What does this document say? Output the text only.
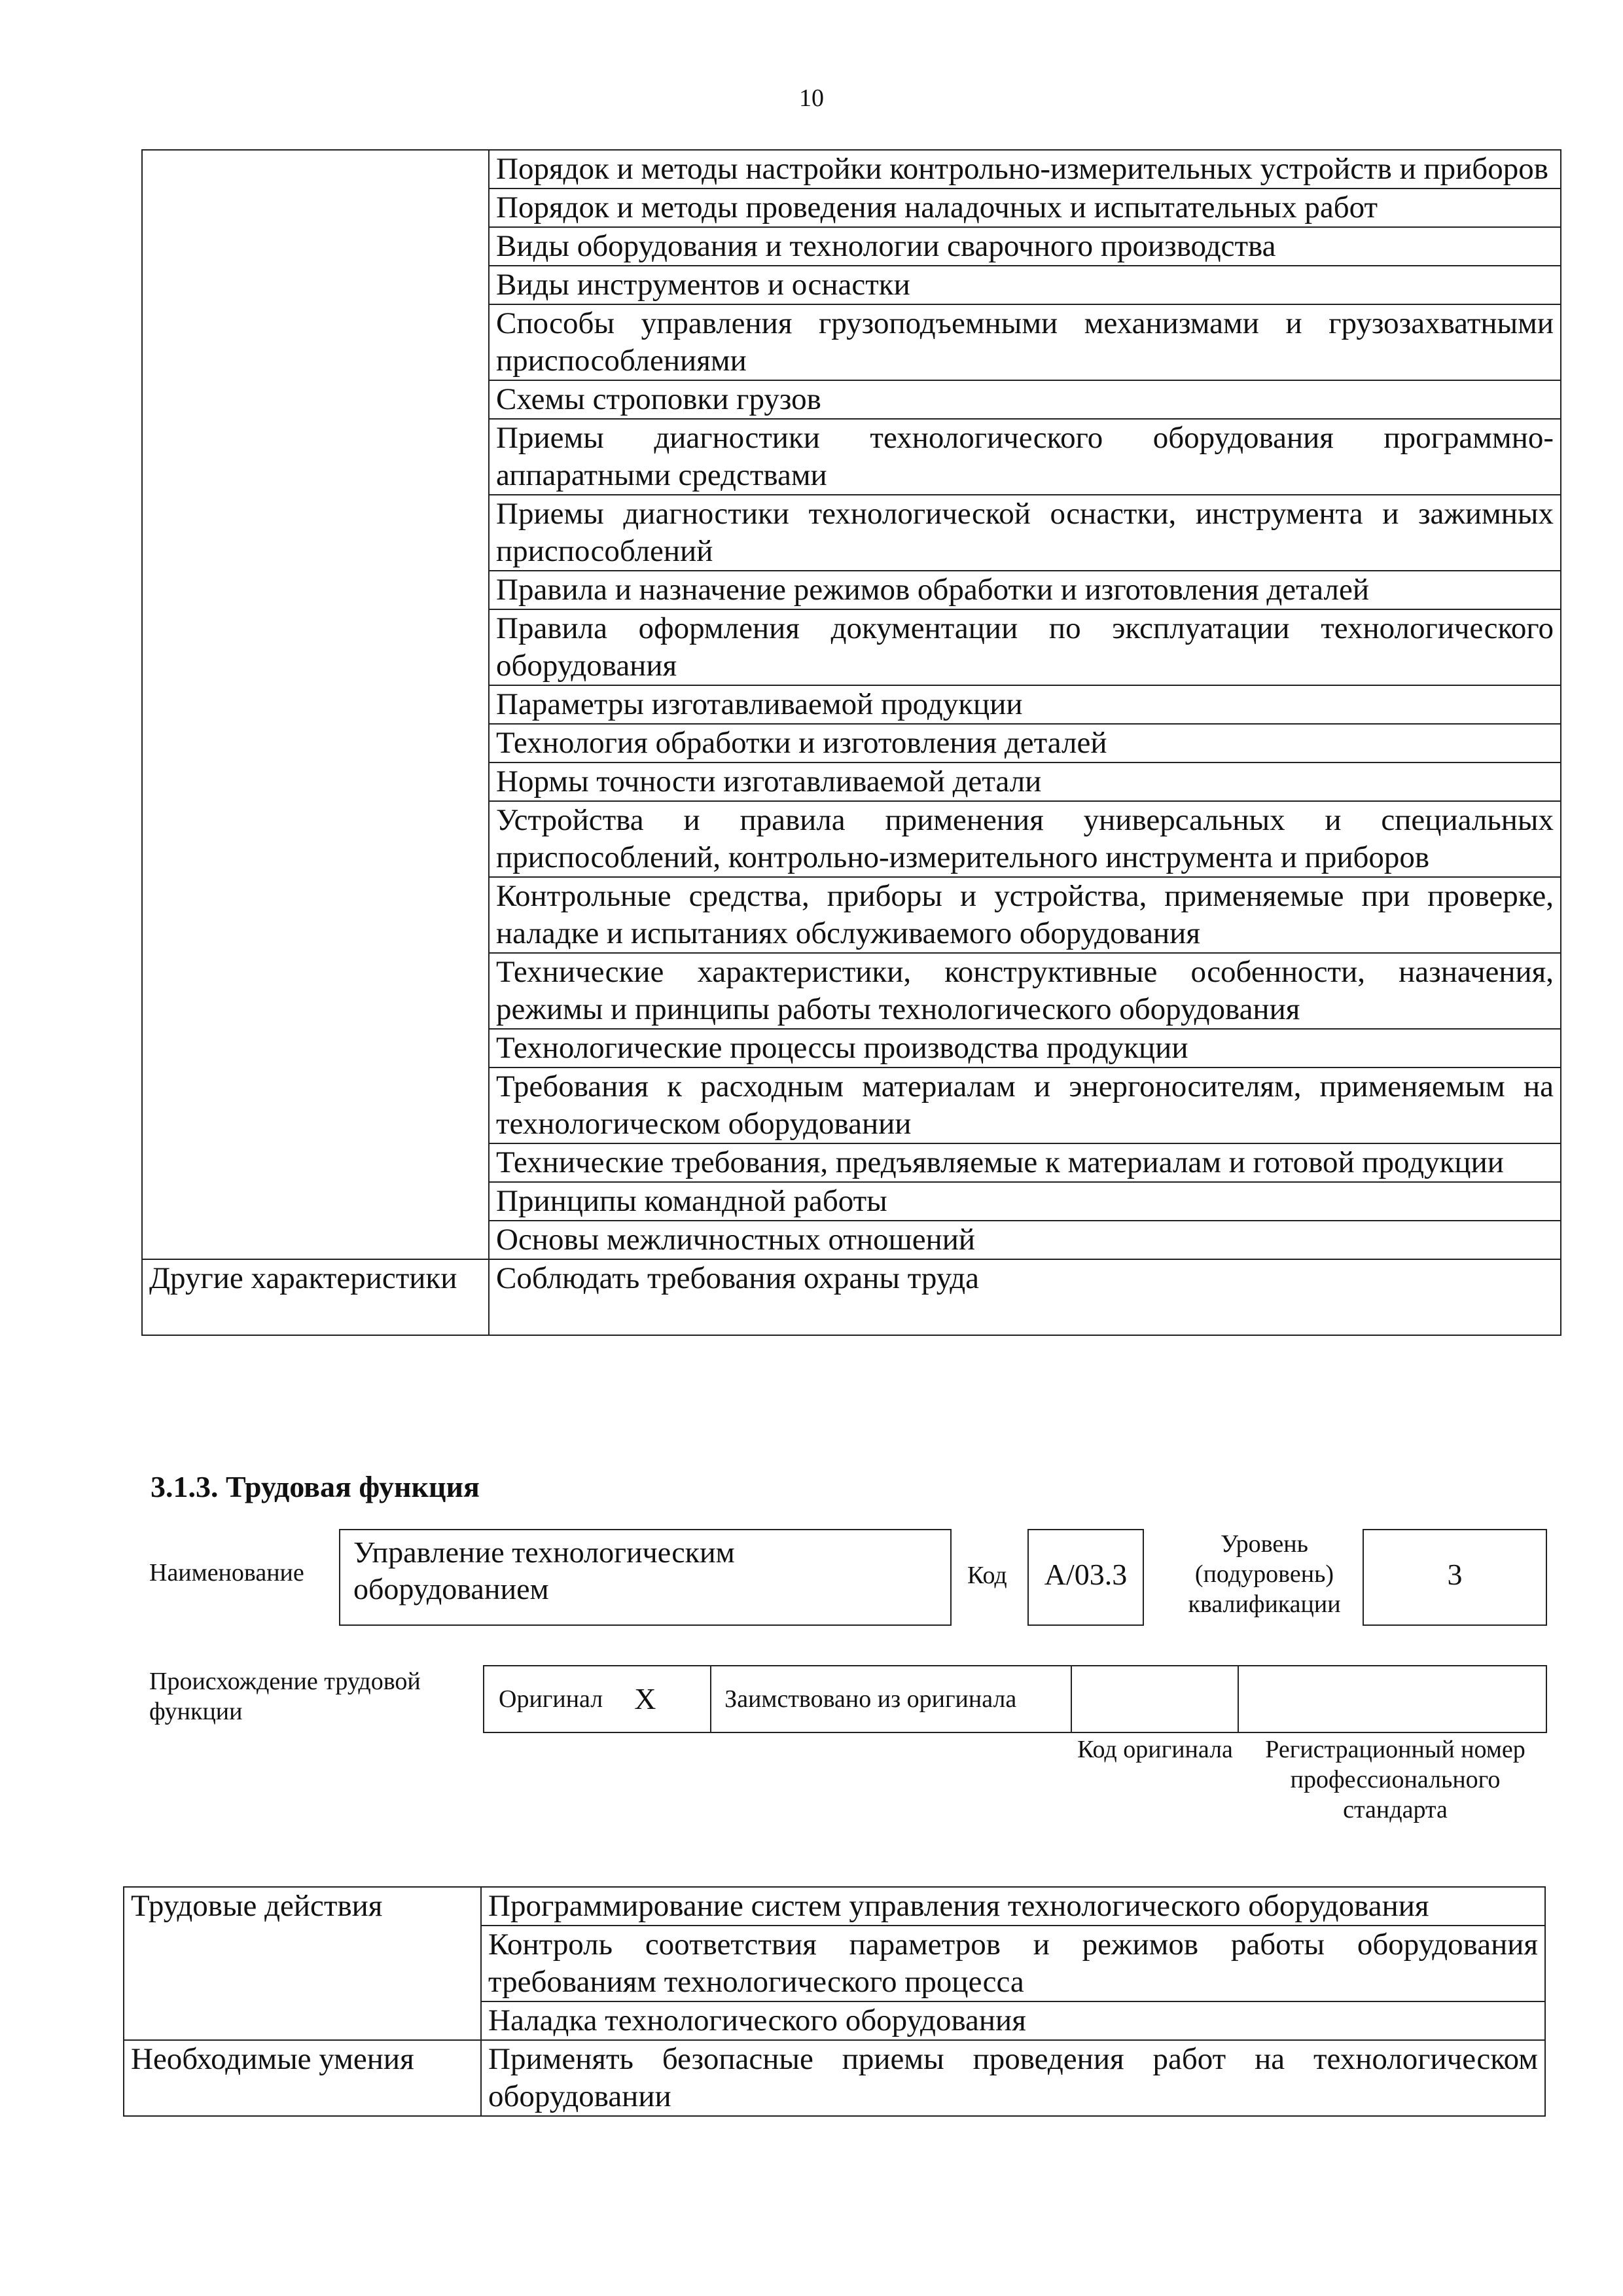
10
	Порядок и методы настройки контрольно-измерительных устройств и приборов
	Порядок и методы проведения наладочных и испытательных работ
	Виды оборудования и технологии сварочного производства
	Виды инструментов и оснастки
	Способы управления грузоподъемными механизмами и грузозахватными приспособлениями
	Схемы строповки грузов
	Приемы диагностики технологического оборудования программно-аппаратными средствами
	Приемы диагностики технологической оснастки, инструмента и зажимных приспособлений
	Правила и назначение режимов обработки и изготовления деталей
	Правила оформления документации по эксплуатации технологического оборудования
	Параметры изготавливаемой продукции
	Технология обработки и изготовления деталей
	Нормы точности изготавливаемой детали
	Устройства и правила применения универсальных и специальных приспособлений, контрольно-измерительного инструмента и приборов
	Контрольные средства, приборы и устройства, применяемые при проверке, наладке и испытаниях обслуживаемого оборудования
	Технические характеристики, конструктивные особенности, назначения, режимы и принципы работы технологического оборудования
	Технологические процессы производства продукции
	Требования к расходным материалам и энергоносителям, применяемым на технологическом оборудовании
	Технические требования, предъявляемые к материалам и готовой продукции
	Принципы командной работы
	Основы межличностных отношений
Другие характеристики	Соблюдать требования охраны труда
3.1.3. Трудовая функция
Наименование
Управление технологическим оборудованием	Код	А/03.3
Уровень (подуровень) квалификации
3
Происхождение трудовой функции	Оригинал X	Заимствовано из оригинала
Код оригинала	Регистрационный номер профессионального стандарта
Трудовые действия	Программирование систем управления технологического оборудования
	Контроль соответствия параметров и режимов работы оборудования требованиям технологического процесса
	Наладка технологического оборудования
Необходимые умения	Применять безопасные приемы проведения работ на технологическом оборудовании
